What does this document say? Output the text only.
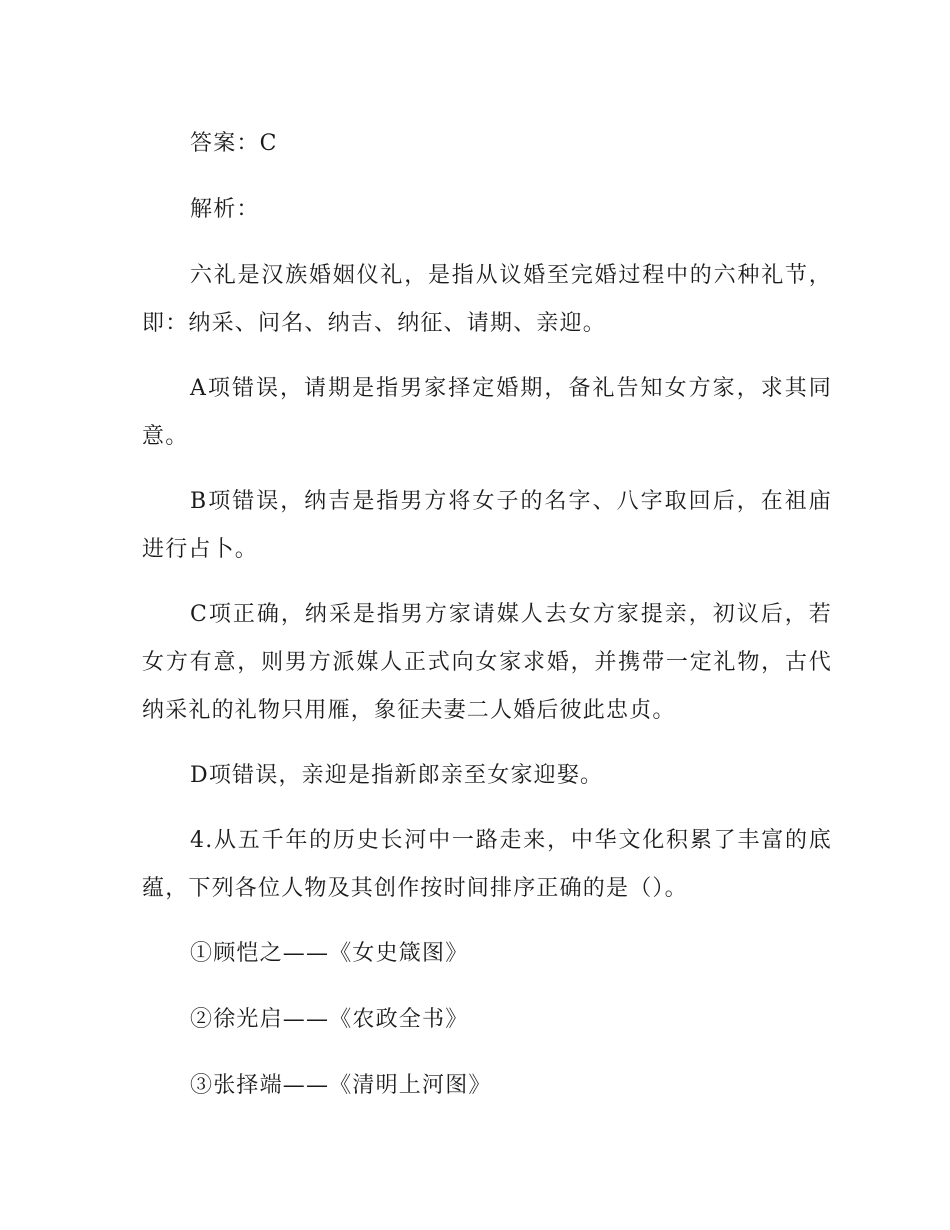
答案：C

解析：

六礼是汉族婚姻仪礼，是指从议婚至完婚过程中的六种礼节，即：纳采、问名、纳吉、纳征、请期、亲迎。

A项错误，请期是指男家择定婚期，备礼告知女方家，求其同意。

B项错误，纳吉是指男方将女子的名字、八字取回后，在祖庙进行占卜。

C项正确，纳采是指男方家请媒人去女方家提亲，初议后，若女方有意，则男方派媒人正式向女家求婚，并携带一定礼物，古代纳采礼的礼物只用雁，象征夫妻二人婚后彼此忠贞。

D项错误，亲迎是指新郎亲至女家迎娶。

4.从五千年的历史长河中一路走来，中华文化积累了丰富的底蕴，下列各位人物及其创作按时间排序正确的是（）。

①顾恺之——《女史箴图》

②徐光启——《农政全书》

③张择端——《清明上河图》
